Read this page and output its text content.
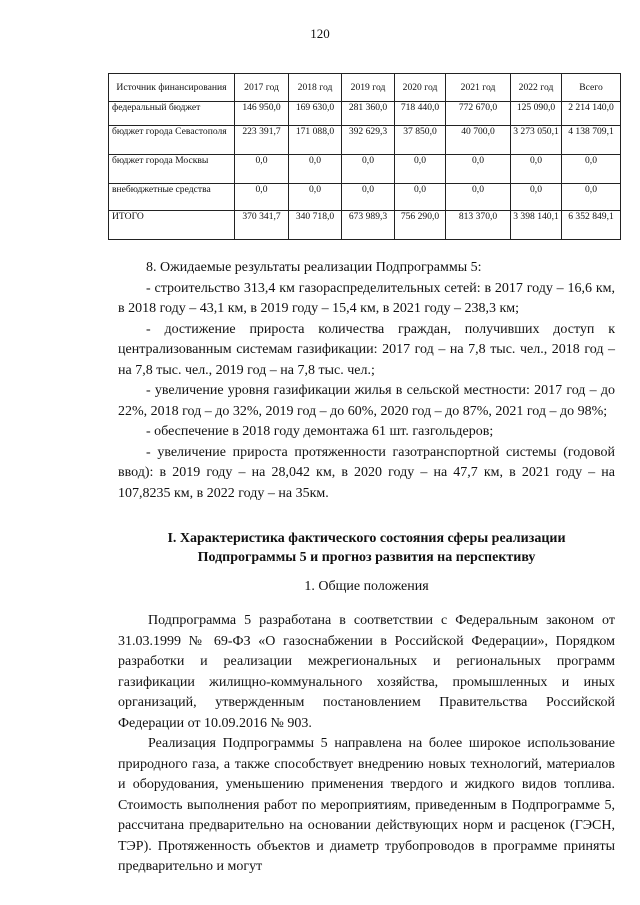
120
Источник финансирования	2017 год	2018 год	2019 год	2020 год	2021 год	2022 год	Всего
федеральный бюджет	146 950,0	169 630,0	281 360,0	718 440,0	772 670,0	125 090,0	2 214 140,0
бюджет города Севастополя	223 391,7	171 088,0	392 629,3	37 850,0	40 700,0	3 273 050,1	4 138 709,1
бюджет города Москвы	0,0	0,0	0,0	0,0	0,0	0,0	0,0
внебюджетные средства	0,0	0,0	0,0	0,0	0,0	0,0	0,0
ИТОГО	370 341,7	340 718,0	673 989,3	756 290,0	813 370,0	3 398 140,1	6 352 849,1

8. Ожидаемые результаты реализации Подпрограммы 5:

- строительство 313,4 км газораспределительных сетей: в 2017 году – 16,6 км, в 2018 году – 43,1 км, в 2019 году – 15,4 км, в 2021 году – 238,3 км;

- достижение прироста количества граждан, получивших доступ к централизованным системам газификации: 2017 год – на 7,8 тыс. чел., 2018 год – на 7,8 тыс. чел., 2019 год – на 7,8 тыс. чел.;

- увеличение уровня газификации жилья в сельской местности: 2017 год – до 22%, 2018 год – до 32%, 2019 год – до 60%, 2020 год – до 87%, 2021 год – до 98%;

- обеспечение в 2018 году демонтажа 61 шт. газгольдеров;

- увеличение прироста протяженности газотранспортной системы (годовой ввод): в 2019 году – на 28,042 км, в 2020 году – на 47,7 км, в 2021 году – на 107,8235 км, в 2022 году – на 35км.

I. Характеристика фактического состояния сферы реализации
Подпрограммы 5 и прогноз развития на перспективу
1. Общие положения

Подпрограмма 5 разработана в соответствии с Федеральным законом от 31.03.1999 № 69-ФЗ «О газоснабжении в Российской Федерации», Порядком разработки и реализации межрегиональных и региональных программ газификации жилищно-коммунального хозяйства, промышленных и иных организаций, утвержденным постановлением Правительства Российской Федерации от 10.09.2016 № 903.

Реализация Подпрограммы 5 направлена на более широкое использование природного газа, а также способствует внедрению новых технологий, материалов и оборудования, уменьшению применения твердого и жидкого видов топлива. Стоимость выполнения работ по мероприятиям, приведенным в Подпрограмме 5, рассчитана предварительно на основании действующих норм и расценок (ГЭСН, ТЭР). Протяженность объектов и диаметр трубопроводов в программе приняты предварительно и могут
